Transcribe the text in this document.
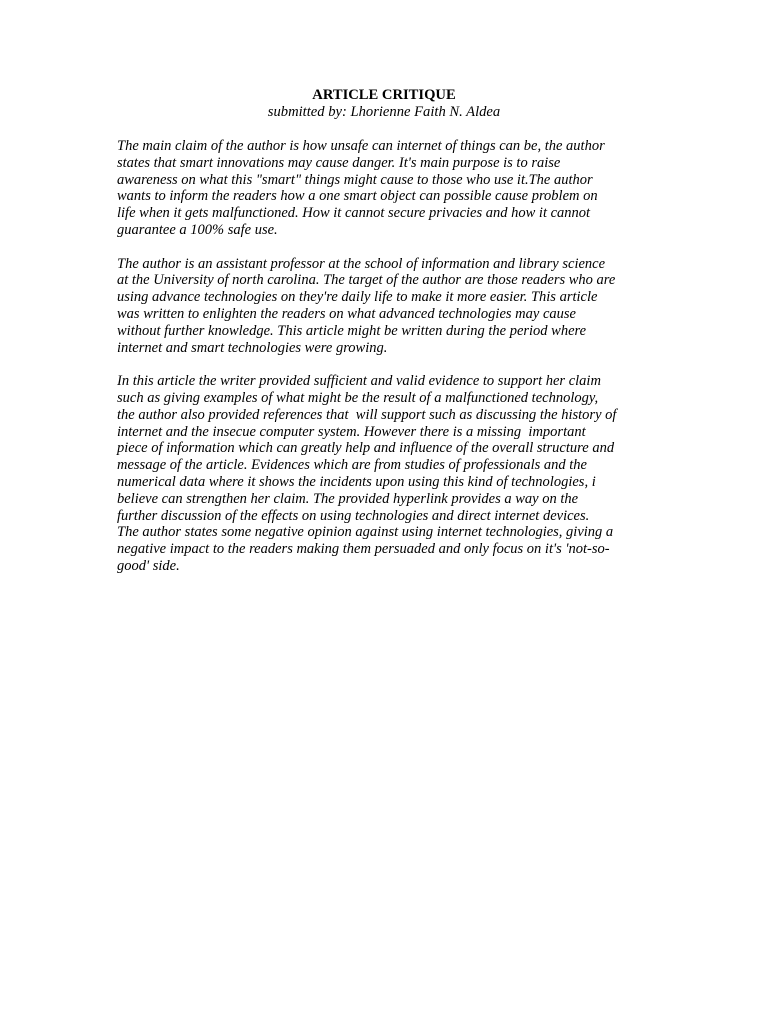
ARTICLE CRITIQUE
submitted by: Lhorienne Faith N. Aldea
The main claim of the author is how unsafe can internet of things can be, the author
states that smart innovations may cause danger. It's main purpose is to raise
awareness on what this "smart" things might cause to those who use it.The author
wants to inform the readers how a one smart object can possible cause problem on
life when it gets malfunctioned. How it cannot secure privacies and how it cannot
guarantee a 100% safe use.
The author is an assistant professor at the school of information and library science
at the University of north carolina. The target of the author are those readers who are
using advance technologies on they're daily life to make it more easier. This article
was written to enlighten the readers on what advanced technologies may cause
without further knowledge. This article might be written during the period where
internet and smart technologies were growing.
In this article the writer provided sufficient and valid evidence to support her claim
such as giving examples of what might be the result of a malfunctioned technology,
the author also provided references that  will support such as discussing the history of
internet and the insecue computer system. However there is a missing  important
piece of information which can greatly help and influence of the overall structure and
message of the article. Evidences which are from studies of professionals and the
numerical data where it shows the incidents upon using this kind of technologies, i
believe can strengthen her claim. The provided hyperlink provides a way on the
further discussion of the effects on using technologies and direct internet devices.
The author states some negative opinion against using internet technologies, giving a
negative impact to the readers making them persuaded and only focus on it's 'not-so-
good' side.
